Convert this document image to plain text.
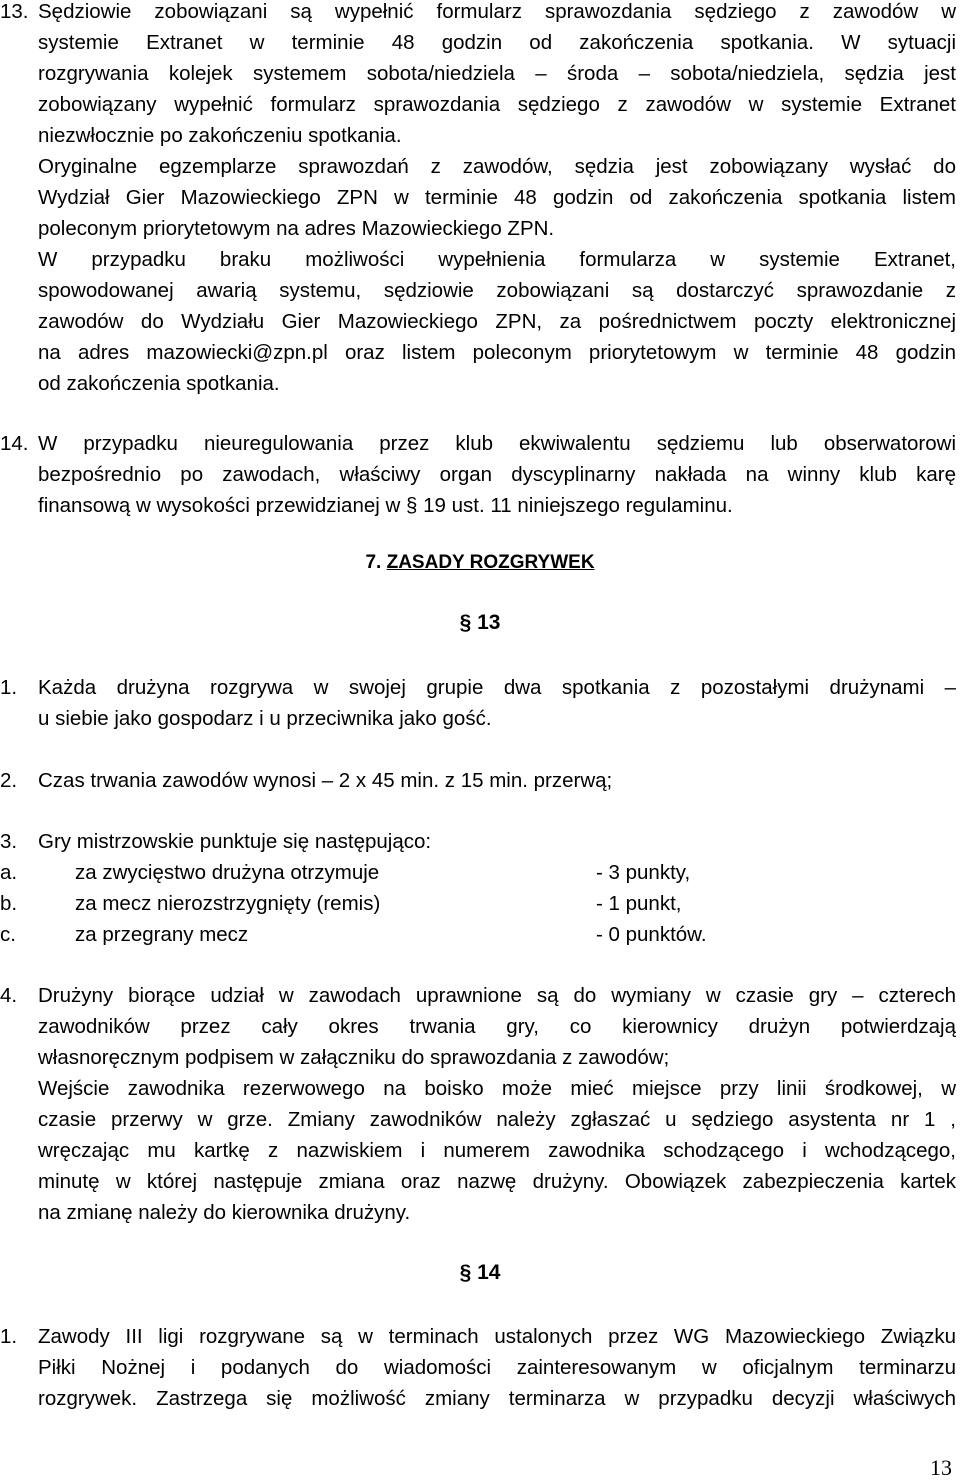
13. Sędziowie zobowiązani są wypełnić formularz sprawozdania sędziego z zawodów w
systemie Extranet w terminie 48 godzin od zakończenia spotkania. W sytuacji
rozgrywania kolejek systemem sobota/niedziela – środa – sobota/niedziela, sędzia jest
zobowiązany wypełnić formularz sprawozdania sędziego z zawodów w systemie Extranet
niezwłocznie po zakończeniu spotkania.
Oryginalne egzemplarze sprawozdań z zawodów, sędzia jest zobowiązany wysłać do
Wydział Gier Mazowieckiego ZPN w terminie 48 godzin od zakończenia spotkania listem
poleconym priorytetowym na adres Mazowieckiego ZPN.
W przypadku braku możliwości wypełnienia formularza w systemie Extranet,
spowodowanej awarią systemu, sędziowie zobowiązani są dostarczyć sprawozdanie z
zawodów do Wydziału Gier Mazowieckiego ZPN, za pośrednictwem poczty elektronicznej
na adres mazowiecki@zpn.pl oraz listem poleconym priorytetowym w terminie 48 godzin
od zakończenia spotkania.
14. W przypadku nieuregulowania przez klub ekwiwalentu sędziemu lub obserwatorowi
bezpośrednio po zawodach, właściwy organ dyscyplinarny nakłada na winny klub karę
finansową w wysokości przewidzianej w § 19 ust. 11 niniejszego regulaminu.
7. ZASADY ROZGRYWEK
§ 13
1.	Każda drużyna rozgrywa w swojej grupie dwa spotkania z pozostałymi drużynami –
u siebie jako gospodarz i u przeciwnika jako gość.
2.	Czas trwania zawodów wynosi – 2 x 45 min. z 15 min. przerwą;
3.	Gry mistrzowskie punktuje się następująco:
a.	za zwycięstwo drużyna otrzymuje	- 3 punkty,
b.	za mecz nierozstrzygnięty (remis)	- 1 punkt,
c.	za przegrany mecz	- 0 punktów.
4.	Drużyny biorące udział w zawodach uprawnione są do wymiany w czasie gry – czterech
zawodników przez cały okres trwania gry, co kierownicy drużyn potwierdzają
własnoręcznym podpisem w załączniku do sprawozdania z zawodów;
Wejście zawodnika rezerwowego na boisko może mieć miejsce przy linii środkowej, w
czasie przerwy w grze. Zmiany zawodników należy zgłaszać u sędziego asystenta nr 1 ,
wręczając mu kartkę z nazwiskiem i numerem zawodnika schodzącego i wchodzącego,
minutę w której następuje zmiana oraz nazwę drużyny. Obowiązek zabezpieczenia kartek
na zmianę należy do kierownika drużyny.
§ 14
1.	Zawody III ligi rozgrywane są w terminach ustalonych przez WG Mazowieckiego Związku
Piłki Nożnej i podanych do wiadomości zainteresowanym w oficjalnym terminarzu
rozgrywek. Zastrzega się możliwość zmiany terminarza w przypadku decyzji właściwych
13
